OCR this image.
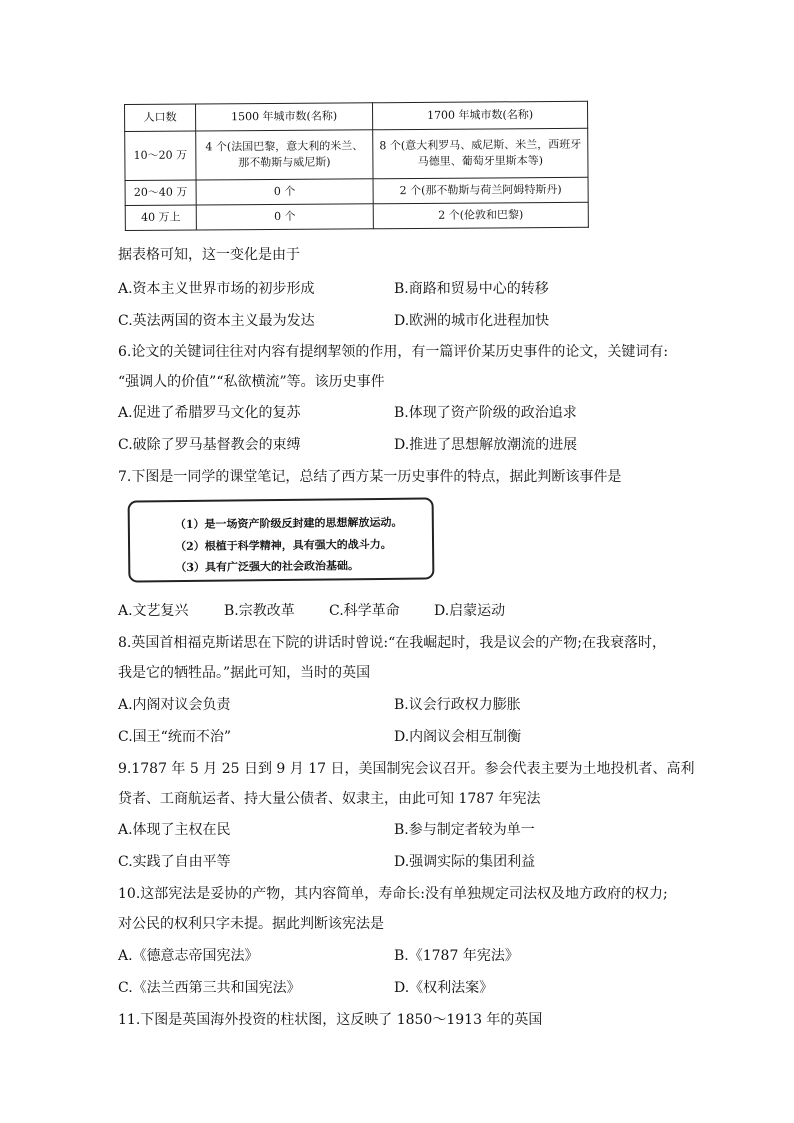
人口数	1500 年城市数(名称)	1700 年城市数(名称)
10～20 万	4 个(法国巴黎，意大利的米兰、那不勒斯与威尼斯)	8 个(意大利罗马、威尼斯、米兰，西班牙马德里、葡萄牙里斯本等)
20～40 万	0 个	2 个(那不勒斯与荷兰阿姆特斯丹)
40 万上	0 个	2 个(伦敦和巴黎)
据表格可知，这一变化是由于
A.资本主义世界市场的初步形成	B.商路和贸易中心的转移
C.英法两国的资本主义最为发达	D.欧洲的城市化进程加快
6.论文的关键词往往对内容有提纲挈领的作用，有一篇评价某历史事件的论文，关键词有:
“强调人的价值”“私欲横流”等。该历史事件
A.促进了希腊罗马文化的复苏	B.体现了资产阶级的政治追求
C.破除了罗马基督教会的束缚	D.推进了思想解放潮流的进展
7.下图是一同学的课堂笔记，总结了西方某一历史事件的特点，据此判断该事件是
（1）是一场资产阶级反封建的思想解放运动。
（2）根植于科学精神，具有强大的战斗力。
（3）具有广泛强大的社会政治基础。
A.文艺复兴	B.宗教改革 C.科学革命 D.启蒙运动
8.英国首相福克斯诺思在下院的讲话时曾说:“在我崛起时，我是议会的产物;在我衰落时，
我是它的牺牲品。”据此可知，当时的英国
A.内阁对议会负责	B.议会行政权力膨胀
C.国王“统而不治”	D.内阁议会相互制衡
9.1787 年 5 月 25 日到 9 月 17 日，美国制宪会议召开。参会代表主要为土地投机者、高利
贷者、工商航运者、持大量公债者、奴隶主，由此可知 1787 年宪法
A.体现了主权在民	B.参与制定者较为单一
C.实践了自由平等	D.强调实际的集团利益
10.这部宪法是妥协的产物，其内容简单，寿命长:没有单独规定司法权及地方政府的权力;
对公民的权利只字未提。据此判断该宪法是
A.《德意志帝国宪法》	B.《1787 年宪法》
C.《法兰西第三共和国宪法》	D.《权利法案》
11.下图是英国海外投资的柱状图，这反映了 1850～1913 年的英国
